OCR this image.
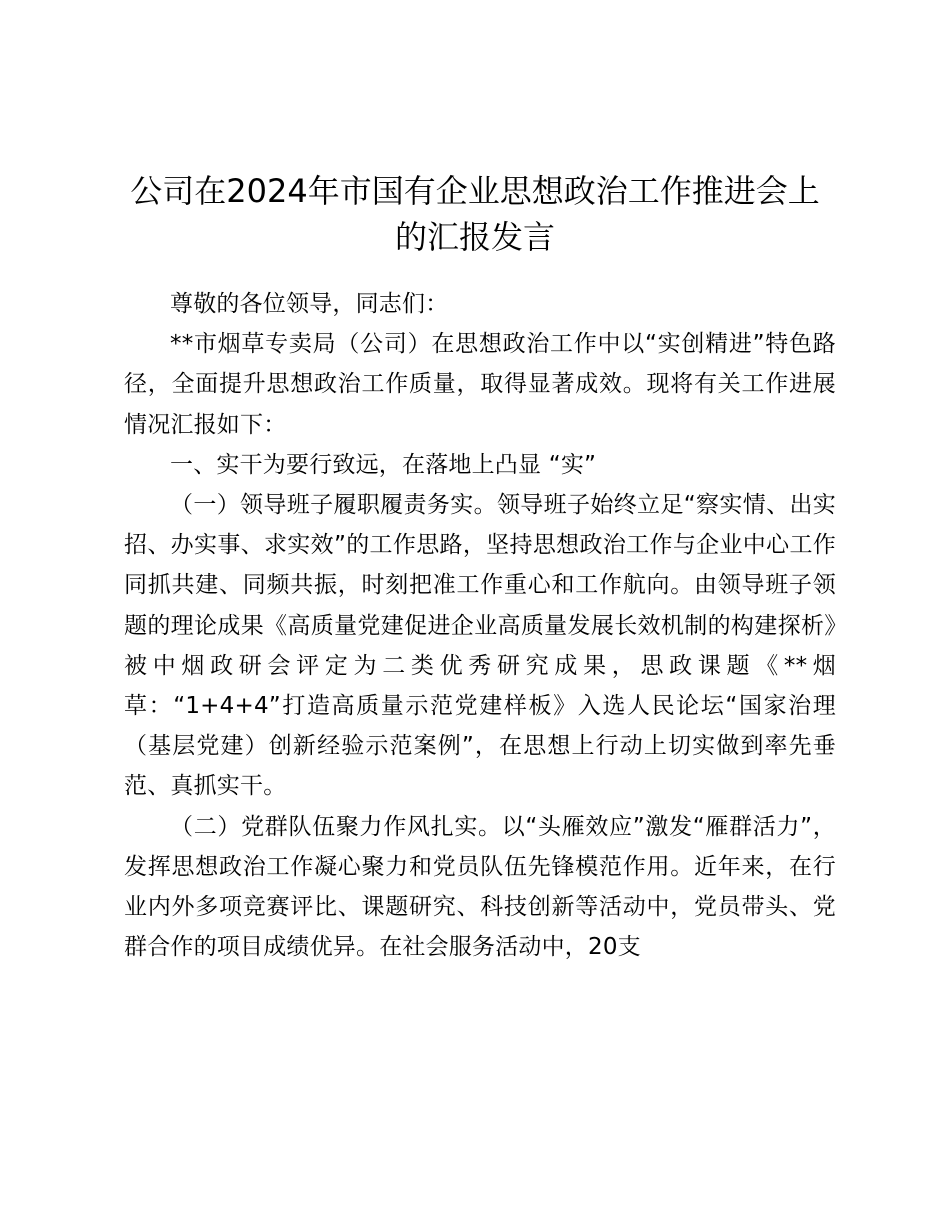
公司在2024年市国有企业思想政治工作推进会上的汇报发言

尊敬的各位领导，同志们：

**市烟草专卖局（公司）在思想政治工作中以“实创精进”特色路径，全面提升思想政治工作质量，取得显著成效。现将有关工作进展情况汇报如下：

一、实干为要行致远，在落地上凸显 “实”

（一）领导班子履职履责务实。领导班子始终立足“察实情、出实招、办实事、求实效”的工作思路，坚持思想政治工作与企业中心工作同抓共建、同频共振，时刻把准工作重心和工作航向。由领导班子领题的理论成果《高质量党建促进企业高质量发展长效机制的构建探析》被中烟政研会评定为二类优秀研究成果，思政课题《**烟草：“1+4+4”打造高质量示范党建样板》入选人民论坛“国家治理（基层党建）创新经验示范案例”，在思想上行动上切实做到率先垂范、真抓实干。

（二）党群队伍聚力作风扎实。以“头雁效应”激发“雁群活力”，发挥思想政治工作凝心聚力和党员队伍先锋模范作用。近年来，在行业内外多项竞赛评比、课题研究、科技创新等活动中，党员带头、党群合作的项目成绩优异。在社会服务活动中，20支
